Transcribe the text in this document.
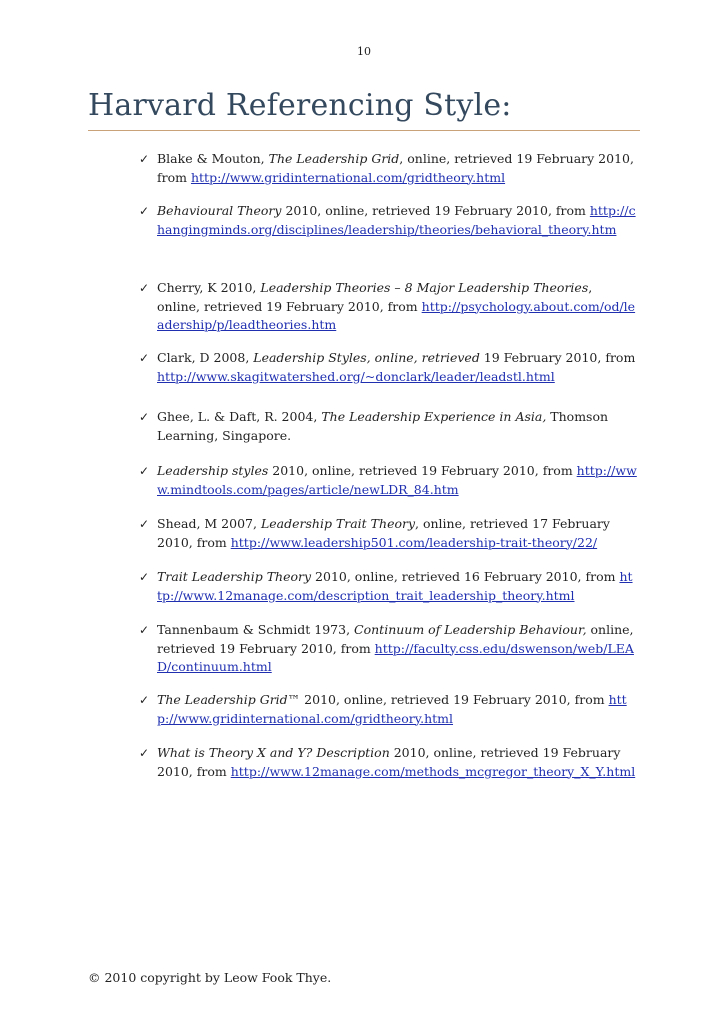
10
Harvard Referencing Style:
✓ Blake & Mouton, The Leadership Grid, online, retrieved 19 February 2010, from http://www.gridinternational.com/gridtheory.html
✓ Behavioural Theory 2010, online, retrieved 19 February 2010, from http://changingminds.org/disciplines/leadership/theories/behavioral_theory.htm
✓ Cherry, K 2010, Leadership Theories – 8 Major Leadership Theories, online, retrieved 19 February 2010, from http://psychology.about.com/od/leadership/p/leadtheories.htm
✓ Clark, D 2008, Leadership Styles, online, retrieved 19 February 2010, from http://www.skagitwatershed.org/~donclark/leader/leadstl.html
✓ Ghee, L. & Daft, R. 2004, The Leadership Experience in Asia, Thomson Learning, Singapore.
✓ Leadership styles 2010, online, retrieved 19 February 2010, from http://www.mindtools.com/pages/article/newLDR_84.htm
✓ Shead, M 2007, Leadership Trait Theory, online, retrieved 17 February 2010, from http://www.leadership501.com/leadership-trait-theory/22/
✓ Trait Leadership Theory 2010, online, retrieved 16 February 2010, from http://www.12manage.com/description_trait_leadership_theory.html
✓ Tannenbaum & Schmidt 1973, Continuum of Leadership Behaviour, online, retrieved 19 February 2010, from http://faculty.css.edu/dswenson/web/LEAD/continuum.html
✓ The Leadership Grid™ 2010, online, retrieved 19 February 2010, from http://www.gridinternational.com/gridtheory.html
✓ What is Theory X and Y? Description 2010, online, retrieved 19 February 2010, from http://www.12manage.com/methods_mcgregor_theory_X_Y.html
© 2010 copyright by Leow Fook Thye.
